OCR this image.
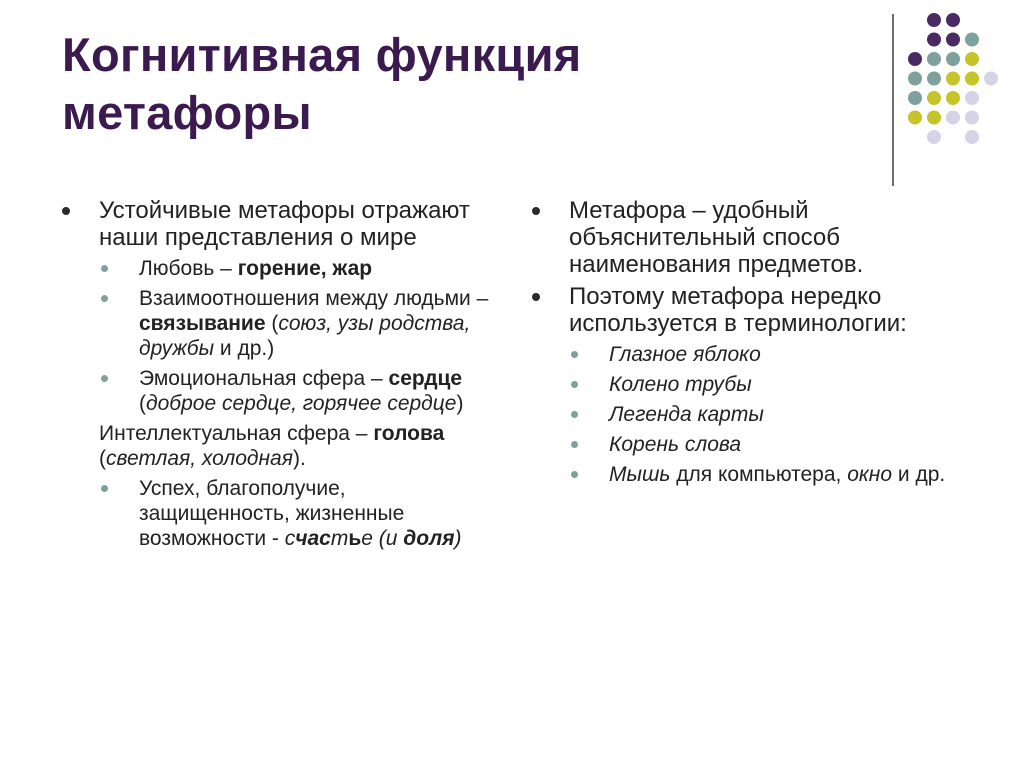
Когнитивная функция метафоры
Устойчивые метафоры отражают наши представления о мире
Любовь – горение, жар
Взаимоотношения между людьми – связывание (союз, узы родства, дружбы и др.)
Эмоциональная сфера – сердце (доброе сердце, горячее сердце)
Интеллектуальная сфера – голова (светлая, холодная).
Успех, благополучие, защищенность, жизненные возможности - счастье (и доля)
Метафора – удобный объяснительный способ наименования предметов.
Поэтому метафора нередко используется в терминологии:
Глазное яблоко
Колено трубы
Легенда карты
Корень слова
Мышь для компьютера, окно и др.
